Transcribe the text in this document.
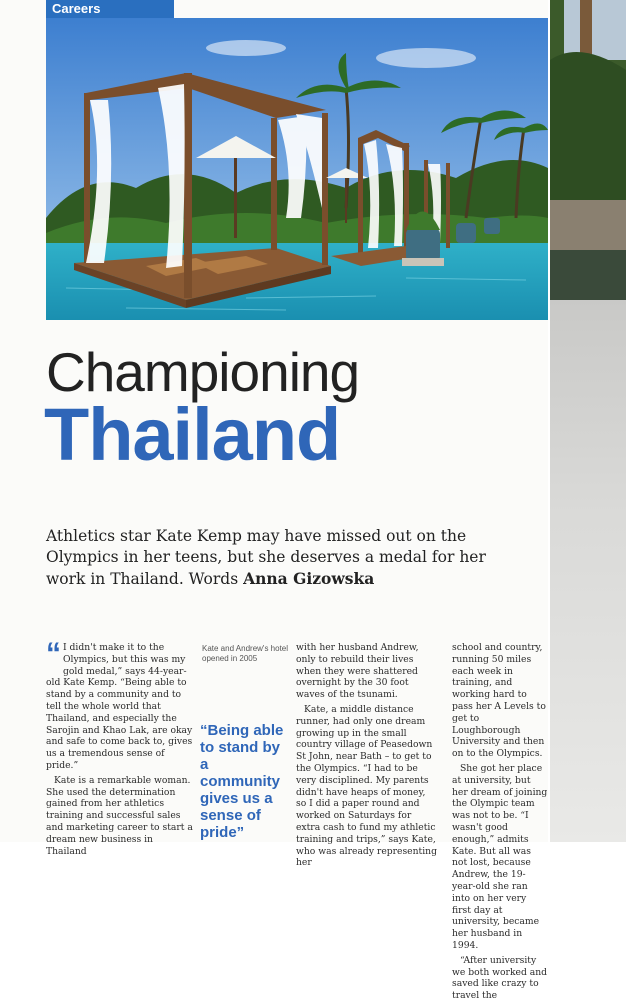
Careers
Championing
Thailand
Athletics star Kate Kemp may have missed out on the Olympics in her teens, but she deserves a medal for her work in Thailand. Words Anna Gizowska

“ I didn't make it to the Olympics, but this was my gold medal,” says 44-year-old Kate Kemp. “Being able to stand by a community and to tell the whole world that Thailand, and especially the Sarojin and Khao Lak, are okay and safe to come back to, gives us a tremendous sense of pride.”

Kate is a remarkable woman. She used the determination gained from her athletics training and successful sales and marketing career to start a dream new business in Thailand

Kate and Andrew's hotel opened in 2005
“Being able to stand by a community gives us a sense of pride”

with her husband Andrew, only to rebuild their lives when they were shattered overnight by the 30 foot waves of the tsunami.

Kate, a middle distance runner, had only one dream growing up in the small country village of Peasedown St John, near Bath – to get to the Olympics. “I had to be very disciplined. My parents didn't have heaps of money, so I did a paper round and worked on Saturdays for extra cash to fund my athletic training and trips,” says Kate, who was already representing her

school and country, running 50 miles each week in training, and working hard to pass her A Levels to get to Loughborough University and then on to the Olympics.

She got her place at university, but her dream of joining the Olympic team was not to be. “I wasn't good enough,” admits Kate. But all was not lost, because Andrew, the 19-year-old she ran into on her very first day at university, became her husband in 1994.

“After university we both worked and saved like crazy to travel the
